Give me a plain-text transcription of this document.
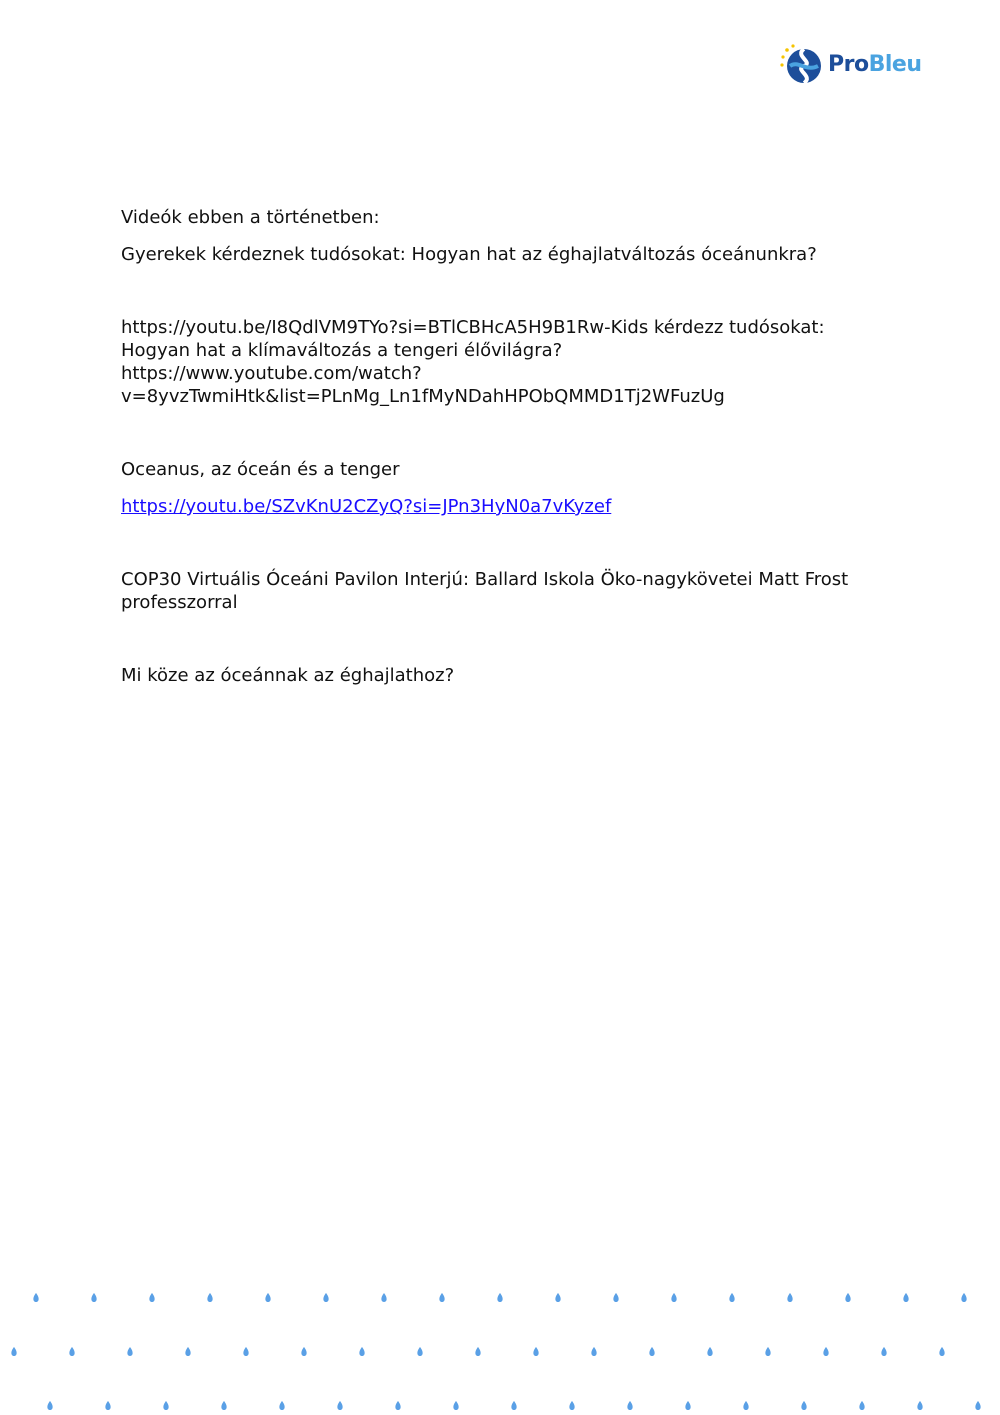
ProBleu

Videók ebben a történetben:

Gyerekek kérdeznek tudósokat: Hogyan hat az éghajlatváltozás óceánunkra?

https://youtu.be/I8QdlVM9TYo?si=BTlCBHcA5H9B1Rw-Kids kérdezz tudósokat:

Hogyan hat a klímaváltozás a tengeri élővilágra?

https://www.youtube.com/watch?

v=8yvzTwmiHtk&list=PLnMg_Ln1fMyNDahHPObQMMD1Tj2WFuzUg

Oceanus, az óceán és a tenger

https://youtu.be/SZvKnU2CZyQ?si=JPn3HyN0a7vKyzef

COP30 Virtuális Óceáni Pavilon Interjú: Ballard Iskola Öko-nagykövetei Matt Frost professzorral

Mi köze az óceánnak az éghajlathoz?
